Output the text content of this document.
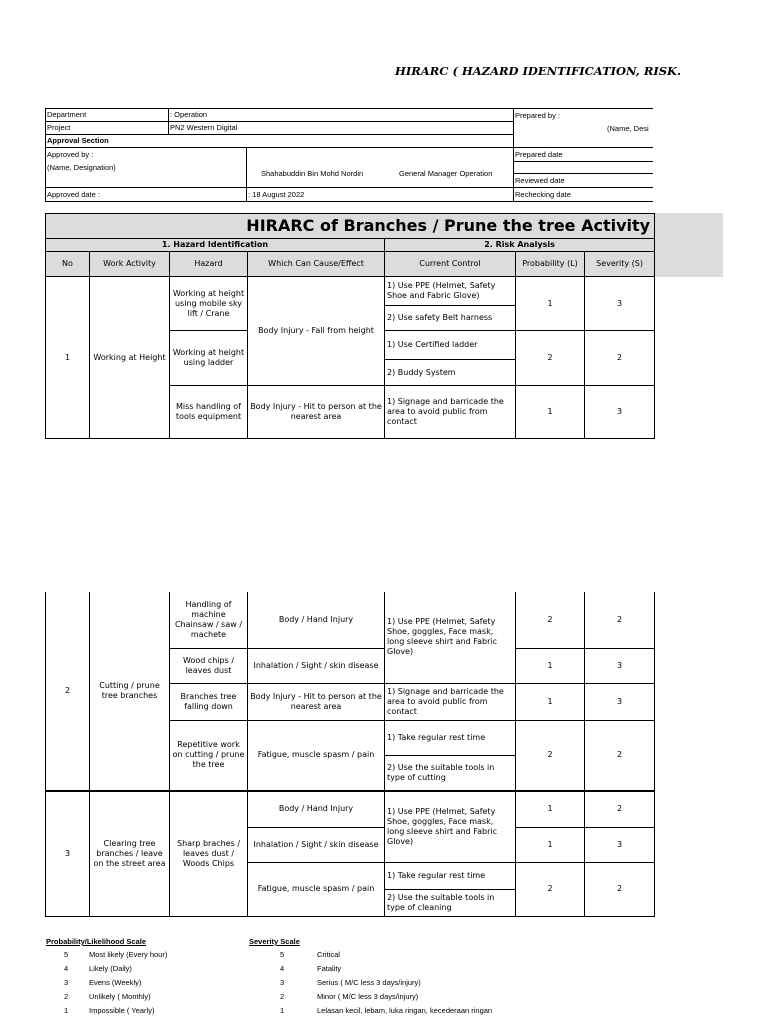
HIRARC ( HAZARD IDENTIFICATION, RISK.
Department	: Operation
Project	PN2 Western Digital
Approval Section
Approved by :
(Name, Designation)
Shahabuddin Bin Mohd Nordin	General Manager Operation
Approved date :	: 18 August 2022
Prepared by :
(Name, Desi
Prepared date
Reviewed date
Rechecking date
HIRARC of Branches / Prune the tree Activity						
1. Hazard Identification				2. Risk Analysis		
No	Work Activity	Hazard	Which Can Cause/Effect	Current Control	Probability (L)	Severity (S)
1	Working at Height	Working at height using mobile sky lift / Crane	Body Injury - Fall from height	1) Use PPE (Helmet, Safety Shoe and Fabric Glove)	1	3
				2) Use safety Belt harness		
		Working at height using ladder		1) Use Certified ladder	2	2
				2) Buddy System		
		Miss handling of tools equipment	Body Injury - Hit to person at the nearest area	1) Signage and barricade the area to avoid public from contact	1	3
2	Cutting / prune tree branches	Handling of machine Chainsaw / saw / machete	Body / Hand Injury	1) Use PPE (Helmet, Safety Shoe, goggles, Face mask, long sleeve shirt and Fabric Glove)	2	2
		Wood chips / leaves dust	Inhalation / Sight / skin disease		1	3
		Branches tree falling down	Body Injury - Hit to person at the nearest area	1) Signage and barricade the area to avoid public from contact	1	3
		Repetitive work on cutting / prune the tree	Fatigue, muscle spasm / pain	1) Take regular rest time	2	2
				2) Use the suitable tools in type of cutting		
3	Clearing tree branches / leave on the street area	Sharp braches / leaves dust / Woods Chips	Body / Hand Injury	1) Use PPE (Helmet, Safety Shoe, goggles, Face mask, long sleeve shirt and Fabric Glove)	1	2
			Inhalation / Sight / skin disease		1	3
			Fatigue, muscle spasm / pain	1) Take regular rest time	2	2
				2) Use the suitable tools in type of cleaning		
Probability/Likelihood Scale
5	Most likely (Every hour)
4	Likely (Daily)
3	Evens (Weekly)
2	Unlikely ( Monthly)
1	Impossible ( Yearly)
Severity Scale
5	Critical
4	Fatality
3	Serius ( M/C less 3 days/injury)
2	Minor ( M/C less 3 days/injury)
1	Lelasan kecil, lebam, luka ringan, kecederaan ringan
